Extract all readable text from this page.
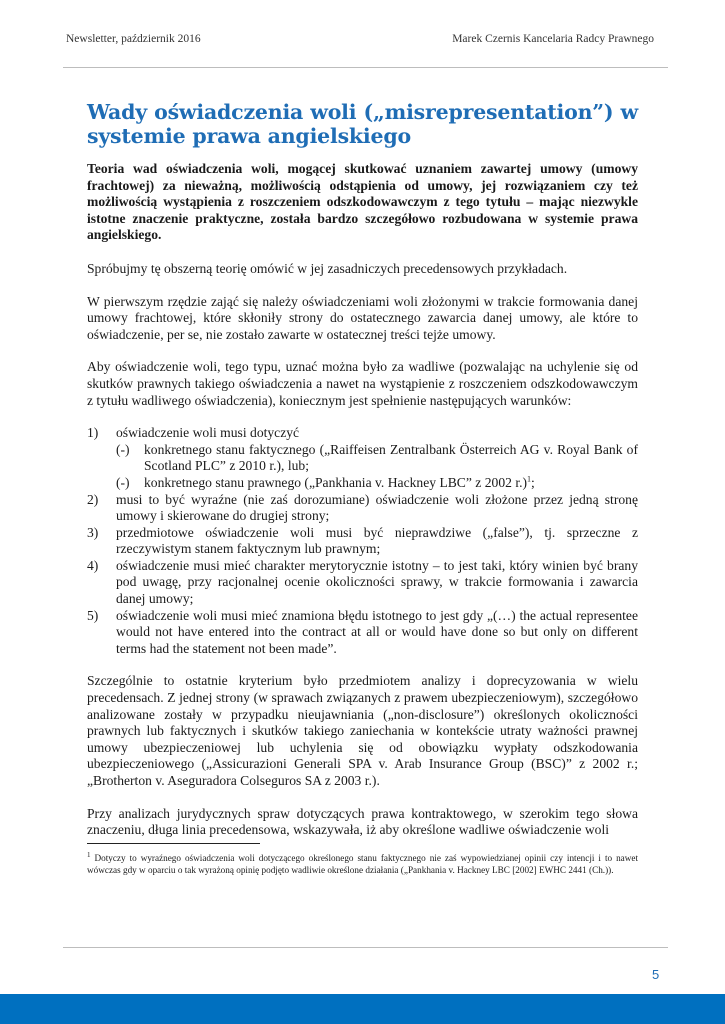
Newsletter, październik 2016	Marek Czernis Kancelaria Radcy Prawnego
Wady oświadczenia woli („misrepresentation”) w systemie prawa angielskiego

Teoria wad oświadczenia woli, mogącej skutkować uznaniem zawartej umowy (umowy frachtowej) za nieważną, możliwością odstąpienia od umowy, jej rozwiązaniem czy też możliwością wystąpienia z roszczeniem odszkodowawczym z tego tytułu – mając niezwykle istotne znaczenie praktyczne, została bardzo szczegółowo rozbudowana w systemie prawa angielskiego.

Spróbujmy tę obszerną teorię omówić w jej zasadniczych precedensowych przykładach.

W pierwszym rzędzie zająć się należy oświadczeniami woli złożonymi w trakcie formowania danej umowy frachtowej, które skłoniły strony do ostatecznego zawarcia danej umowy, ale które to oświadczenie, per se, nie zostało zawarte w ostatecznej treści tejże umowy.

Aby oświadczenie woli, tego typu, uznać można było za wadliwe (pozwalając na uchylenie się od skutków prawnych takiego oświadczenia a nawet na wystąpienie z roszczeniem odszkodowawczym z tytułu wadliwego oświadczenia), koniecznym jest spełnienie następujących warunków:

1) oświadczenie woli musi dotyczyć
(-) konkretnego stanu faktycznego („Raiffeisen Zentralbank Österreich AG v. Royal Bank of Scotland PLC” z 2010 r.), lub;
(-) konkretnego stanu prawnego („Pankhania v. Hackney LBC” z 2002 r.)$^1$;
2) musi to być wyraźne (nie zaś dorozumiane) oświadczenie woli złożone przez jedną stronę umowy i skierowane do drugiej strony;
3) przedmiotowe oświadczenie woli musi być nieprawdziwe („false”), tj. sprzeczne z rzeczywistym stanem faktycznym lub prawnym;
4) oświadczenie musi mieć charakter merytorycznie istotny – to jest taki, który winien być brany pod uwagę, przy racjonalnej ocenie okoliczności sprawy, w trakcie formowania i zawarcia danej umowy;
5) oświadczenie woli musi mieć znamiona błędu istotnego to jest gdy „(…) the actual representee would not have entered into the contract at all or would have done so but only on different terms had the statement not been made”.

Szczególnie to ostatnie kryterium było przedmiotem analizy i doprecyzowania w wielu precedensach. Z jednej strony (w sprawach związanych z prawem ubezpieczeniowym), szczegółowo analizowane zostały w przypadku nieujawniania („non-disclosure”) określonych okoliczności prawnych lub faktycznych i skutków takiego zaniechania w kontekście utraty ważności prawnej umowy ubezpieczeniowej lub uchylenia się od obowiązku wypłaty odszkodowania ubezpieczeniowego („Assicurazioni Generali SPA v. Arab Insurance Group (BSC)” z 2002 r.; „Brotherton v. Aseguradora Colseguros SA z 2003 r.).

Przy analizach jurydycznych spraw dotyczących prawa kontraktowego, w szerokim tego słowa znaczeniu, długa linia precedensowa, wskazywała, iż aby określone wadliwe oświadczenie woli

$^1$ Dotyczy to wyraźnego oświadczenia woli dotyczącego określonego stanu faktycznego nie zaś wypowiedzianej opinii czy intencji i to nawet wówczas gdy w oparciu o tak wyrażoną opinię podjęto wadliwie określone działania („Pankhania v. Hackney LBC [2002] EWHC 2441 (Ch.)).
5
